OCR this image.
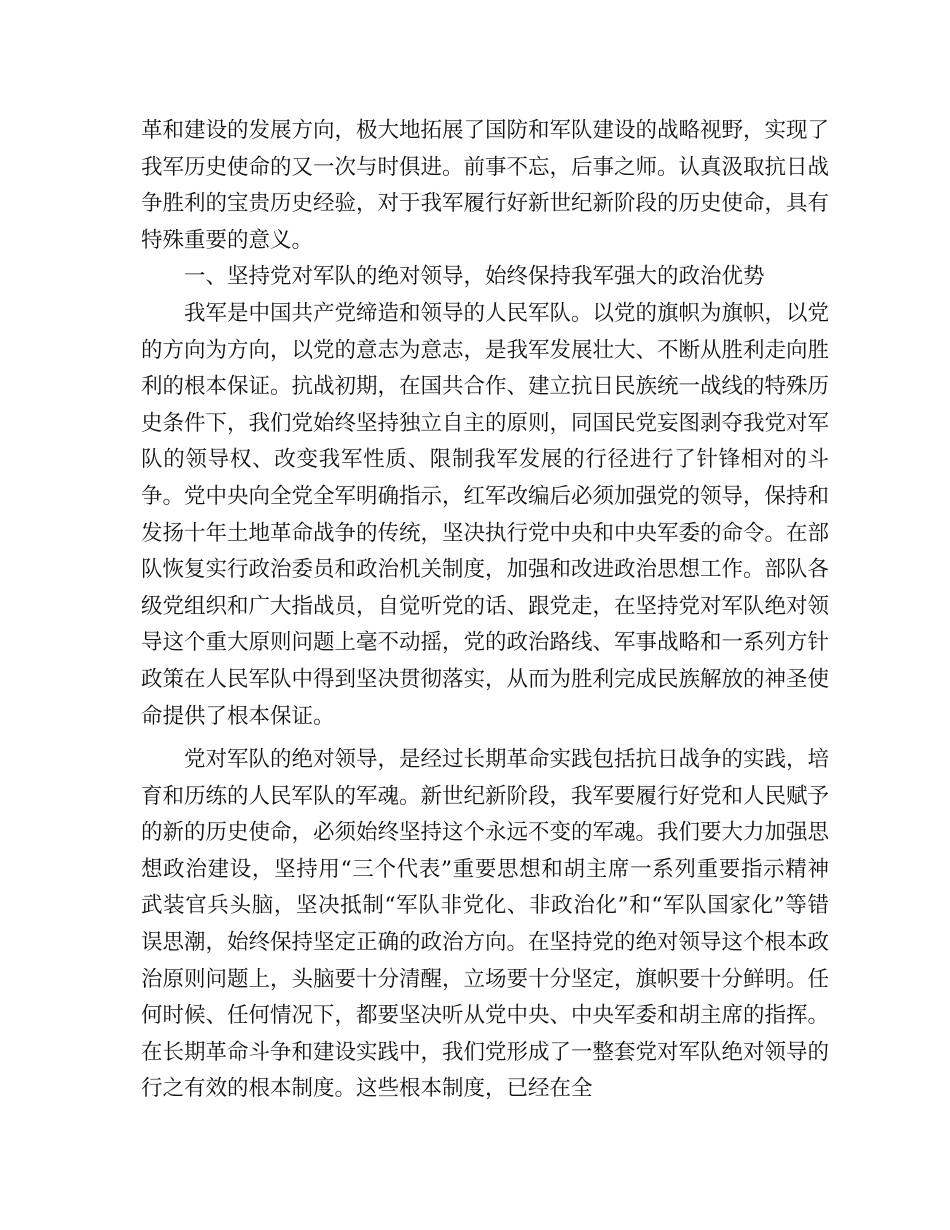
革和建设的发展方向，极大地拓展了国防和军队建设的战略视野，实现了我军历史使命的又一次与时俱进。前事不忘，后事之师。认真汲取抗日战争胜利的宝贵历史经验，对于我军履行好新世纪新阶段的历史使命，具有特殊重要的意义。

一、坚持党对军队的绝对领导，始终保持我军强大的政治优势

我军是中国共产党缔造和领导的人民军队。以党的旗帜为旗帜，以党的方向为方向，以党的意志为意志，是我军发展壮大、不断从胜利走向胜利的根本保证。抗战初期，在国共合作、建立抗日民族统一战线的特殊历史条件下，我们党始终坚持独立自主的原则，同国民党妄图剥夺我党对军队的领导权、改变我军性质、限制我军发展的行径进行了针锋相对的斗争。党中央向全党全军明确指示，红军改编后必须加强党的领导，保持和发扬十年土地革命战争的传统，坚决执行党中央和中央军委的命令。在部队恢复实行政治委员和政治机关制度，加强和改进政治思想工作。部队各级党组织和广大指战员，自觉听党的话、跟党走，在坚持党对军队绝对领导这个重大原则问题上毫不动摇，党的政治路线、军事战略和一系列方针政策在人民军队中得到坚决贯彻落实，从而为胜利完成民族解放的神圣使命提供了根本保证。

党对军队的绝对领导，是经过长期革命实践包括抗日战争的实践，培育和历练的人民军队的军魂。新世纪新阶段，我军要履行好党和人民赋予的新的历史使命，必须始终坚持这个永远不变的军魂。我们要大力加强思想政治建设，坚持用“三个代表”重要思想和胡主席一系列重要指示精神武装官兵头脑，坚决抵制“军队非党化、非政治化”和“军队国家化”等错误思潮，始终保持坚定正确的政治方向。在坚持党的绝对领导这个根本政治原则问题上，头脑要十分清醒，立场要十分坚定，旗帜要十分鲜明。任何时候、任何情况下，都要坚决听从党中央、中央军委和胡主席的指挥。在长期革命斗争和建设实践中，我们党形成了一整套党对军队绝对领导的行之有效的根本制度。这些根本制度，已经在全
